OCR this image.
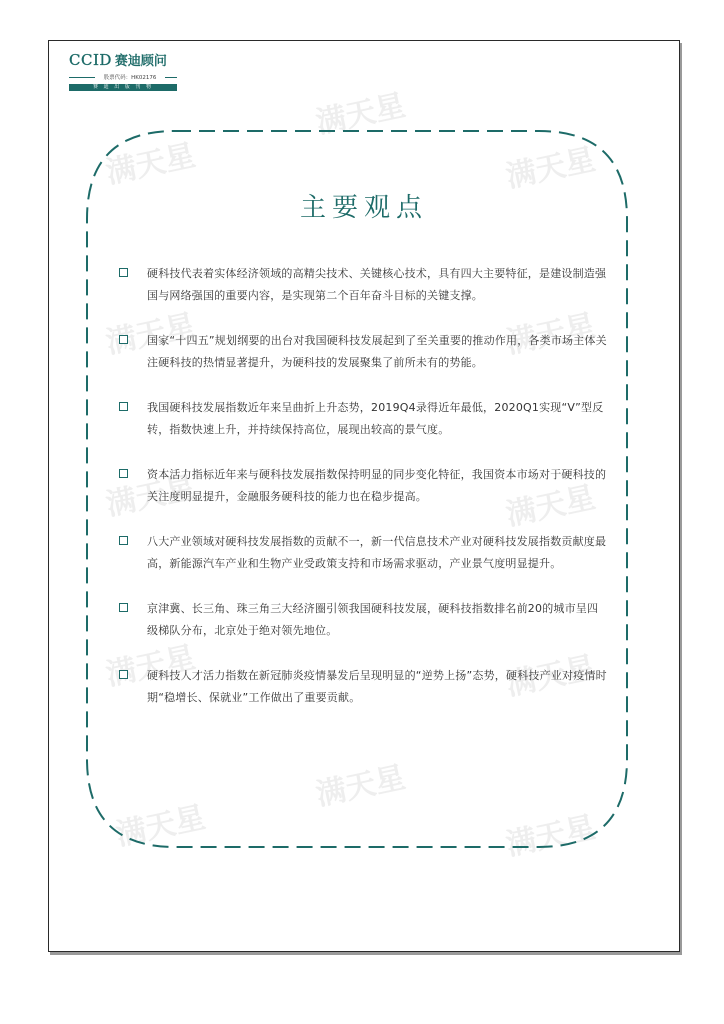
满天星
满天星
满天星
满天星	满天星
满天星	满天星
满天星	满天星
满天星
满天星	满天星
CCID 赛迪顾问
股票代码：HK02176
赛 迪 出 版 刊 物
主要观点
硬科技代表着实体经济领域的高精尖技术、关键核心技术，具有四大主要特征，是建设制造强国与网络强国的重要内容，是实现第二个百年奋斗目标的关键支撑。
国家“十四五”规划纲要的出台对我国硬科技发展起到了至关重要的推动作用，各类市场主体关注硬科技的热情显著提升，为硬科技的发展聚集了前所未有的势能。
我国硬科技发展指数近年来呈曲折上升态势，2019Q4录得近年最低，2020Q1实现“V”型反转，指数快速上升，并持续保持高位，展现出较高的景气度。
资本活力指标近年来与硬科技发展指数保持明显的同步变化特征，我国资本市场对于硬科技的关注度明显提升，金融服务硬科技的能力也在稳步提高。
八大产业领域对硬科技发展指数的贡献不一，新一代信息技术产业对硬科技发展指数贡献度最高，新能源汽车产业和生物产业受政策支持和市场需求驱动，产业景气度明显提升。
京津冀、长三角、珠三角三大经济圈引领我国硬科技发展，硬科技指数排名前20的城市呈四级梯队分布，北京处于绝对领先地位。
硬科技人才活力指数在新冠肺炎疫情暴发后呈现明显的“逆势上扬”态势，硬科技产业对疫情时期“稳增长、保就业”工作做出了重要贡献。
